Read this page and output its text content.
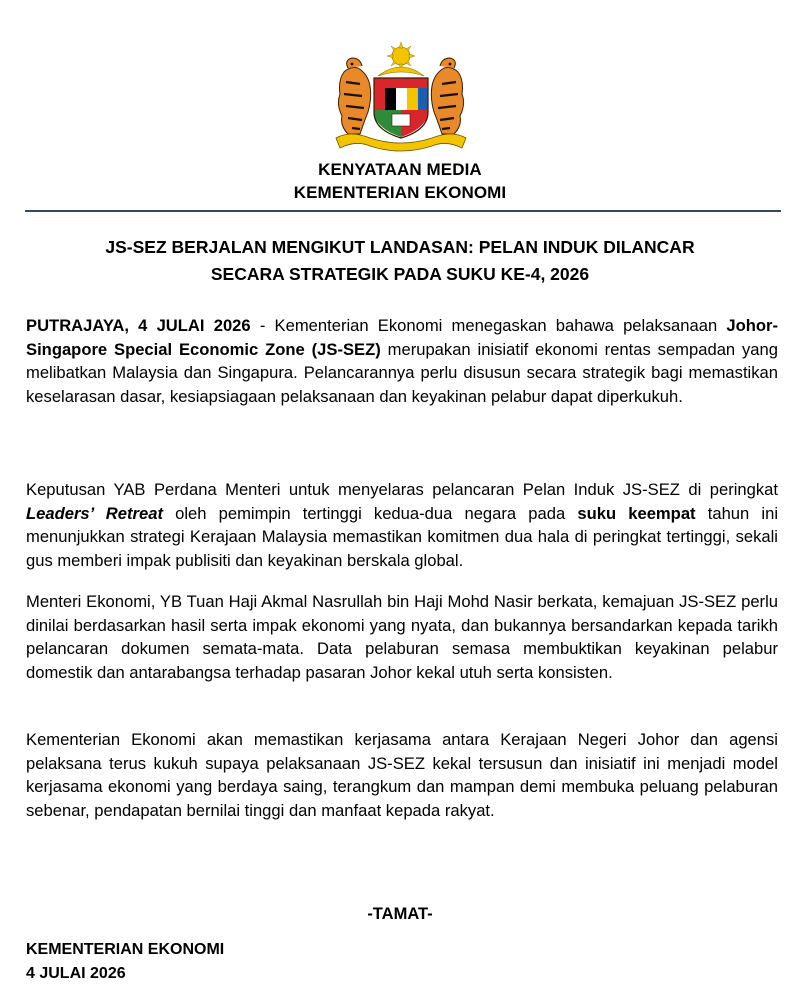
KENYATAAN MEDIA
KEMENTERIAN EKONOMI
JS-SEZ BERJALAN MENGIKUT LANDASAN: PELAN INDUK DILANCAR
SECARA STRATEGIK PADA SUKU KE-4, 2026

PUTRAJAYA, 4 JULAI 2026 - Kementerian Ekonomi menegaskan bahawa pelaksanaan Johor-Singapore Special Economic Zone (JS-SEZ) merupakan inisiatif ekonomi rentas sempadan yang melibatkan Malaysia dan Singapura. Pelancarannya perlu disusun secara strategik bagi memastikan keselarasan dasar, kesiapsiagaan pelaksanaan dan keyakinan pelabur dapat diperkukuh.

Keputusan YAB Perdana Menteri untuk menyelaras pelancaran Pelan Induk JS-SEZ di peringkat Leaders’ Retreat oleh pemimpin tertinggi kedua-dua negara pada suku keempat tahun ini menunjukkan strategi Kerajaan Malaysia memastikan komitmen dua hala di peringkat tertinggi, sekali gus memberi impak publisiti dan keyakinan berskala global.

Menteri Ekonomi, YB Tuan Haji Akmal Nasrullah bin Haji Mohd Nasir berkata, kemajuan JS-SEZ perlu dinilai berdasarkan hasil serta impak ekonomi yang nyata, dan bukannya bersandarkan kepada tarikh pelancaran dokumen semata-mata. Data pelaburan semasa membuktikan keyakinan pelabur domestik dan antarabangsa terhadap pasaran Johor kekal utuh serta konsisten.

Kementerian Ekonomi akan memastikan kerjasama antara Kerajaan Negeri Johor dan agensi pelaksana terus kukuh supaya pelaksanaan JS-SEZ kekal tersusun dan inisiatif ini menjadi model kerjasama ekonomi yang berdaya saing, terangkum dan mampan demi membuka peluang pelaburan sebenar, pendapatan bernilai tinggi dan manfaat kepada rakyat.

-TAMAT-
KEMENTERIAN EKONOMI
4 JULAI 2026
